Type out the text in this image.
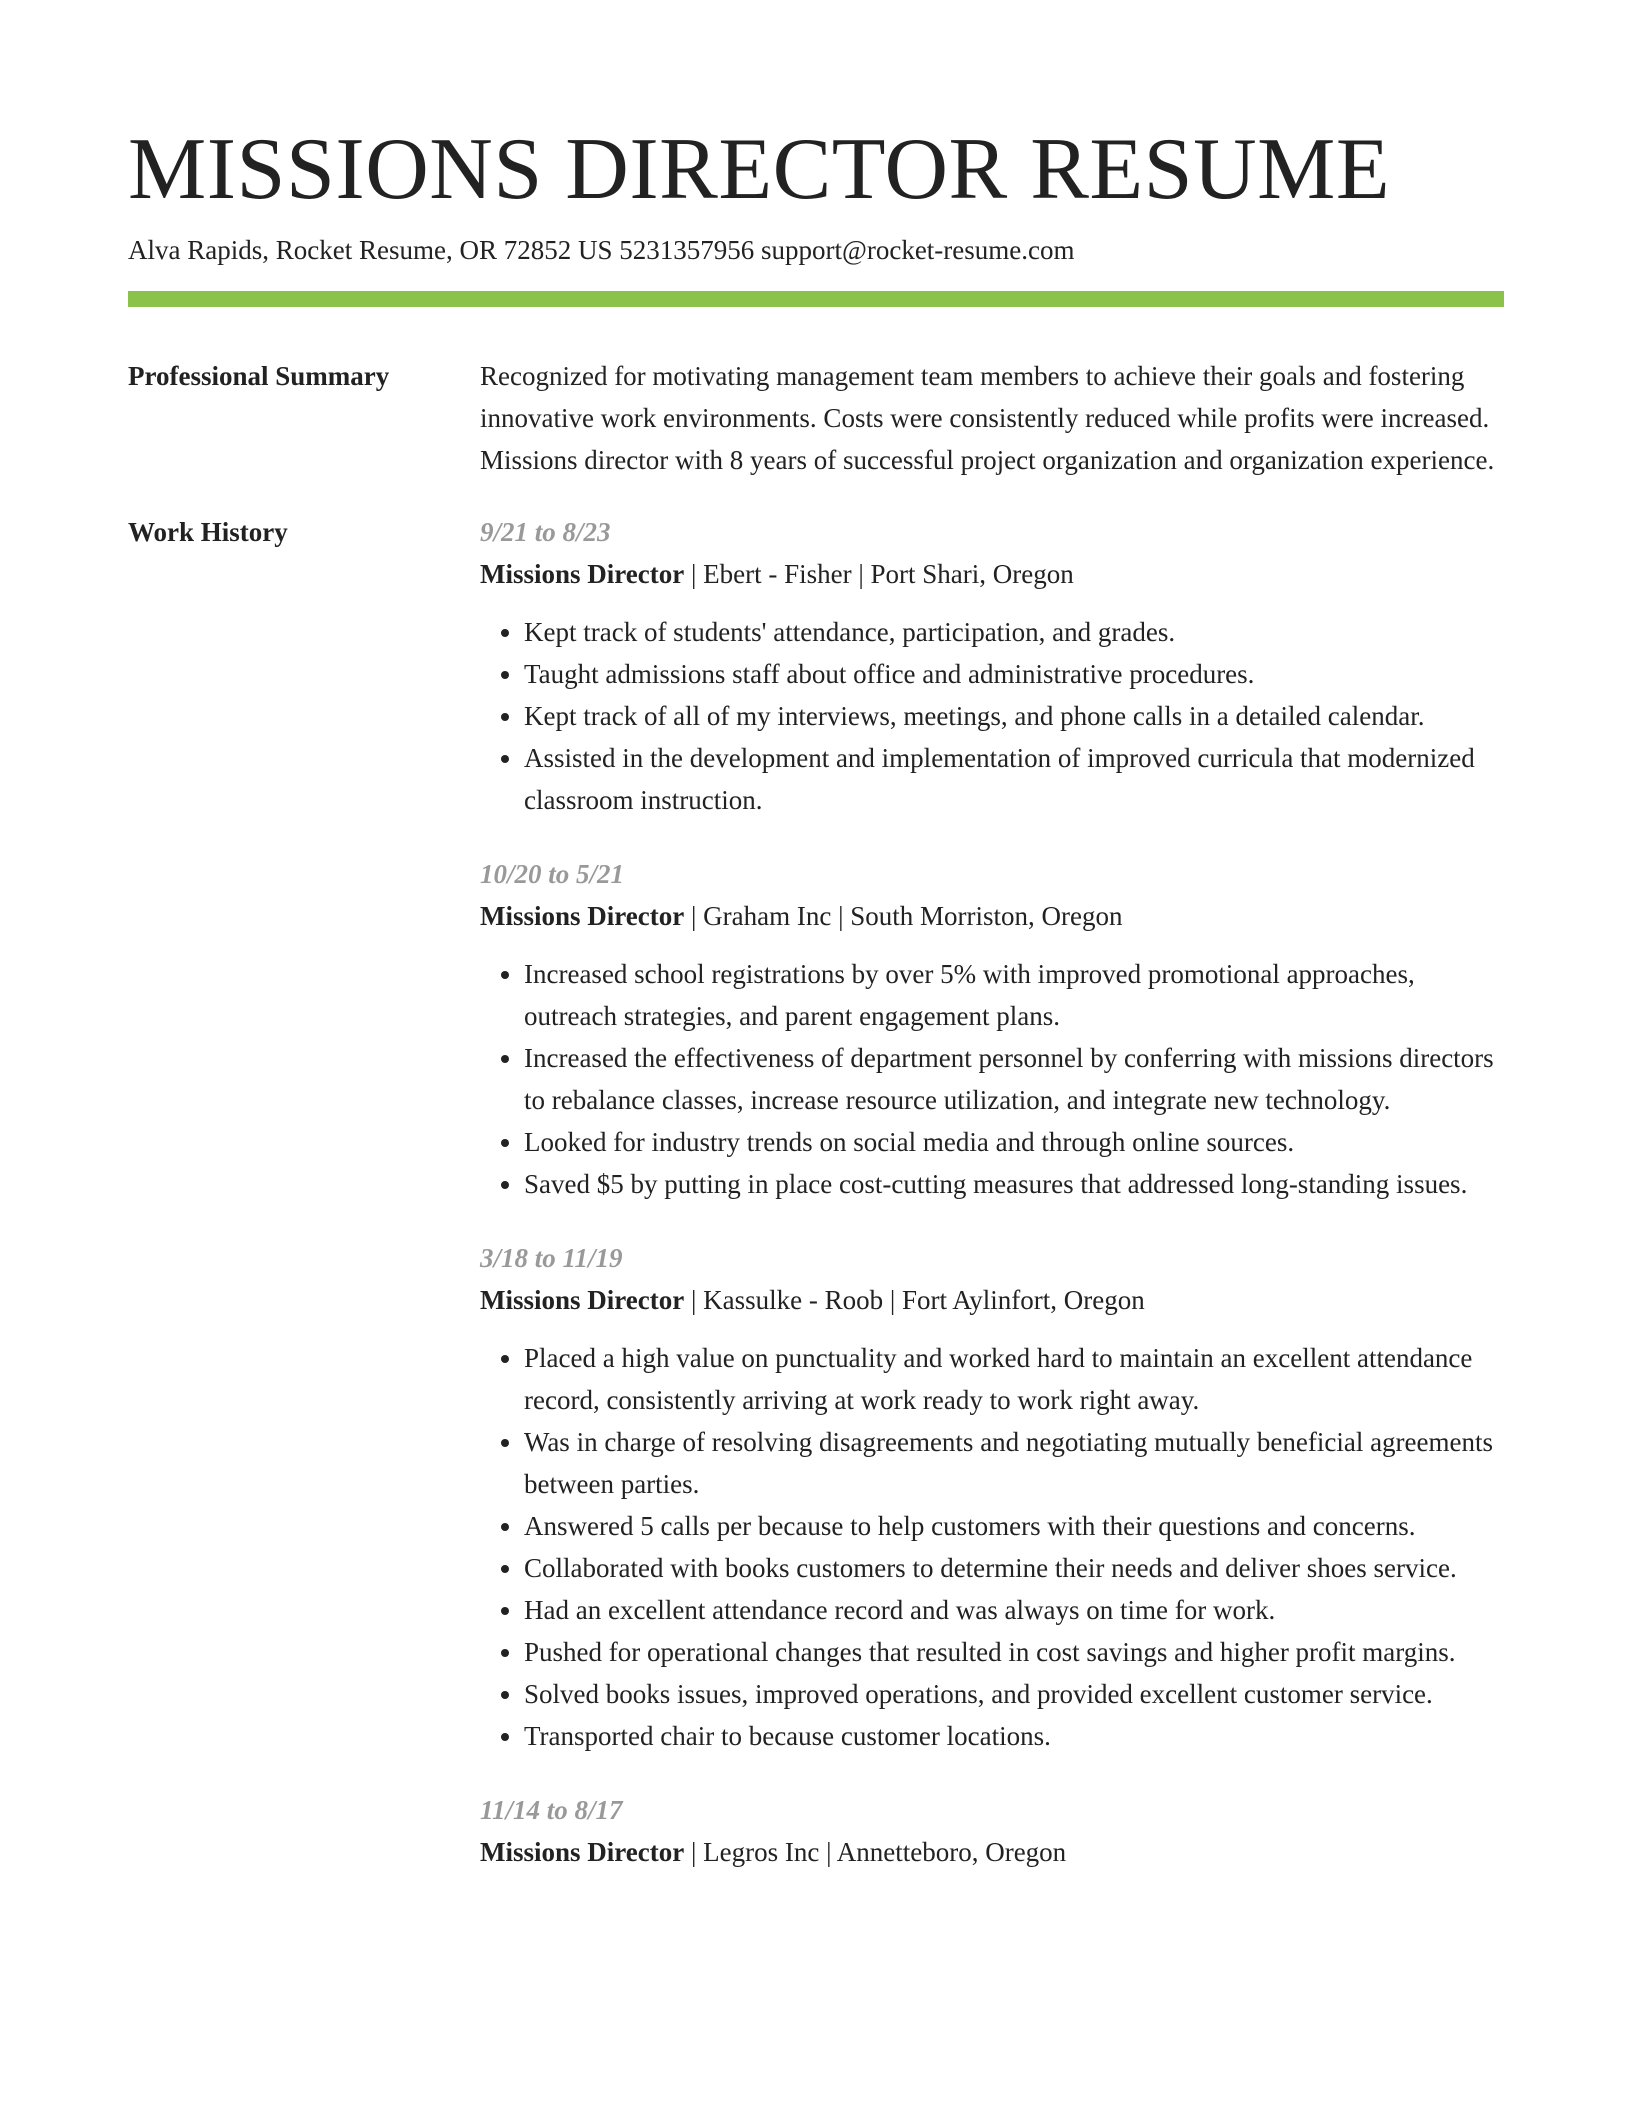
MISSIONS DIRECTOR RESUME
Alva Rapids, Rocket Resume, OR 72852 US 5231357956 support@rocket-resume.com
Professional Summary	Recognized for motivating management team members to achieve their goals and fostering innovative work environments. Costs were consistently reduced while profits were increased. Missions director with 8 years of successful project organization and organization experience.

Work History	9/21 to 8/23
Missions Director | Ebert - Fisher | Port Shari, Oregon
• Kept track of students' attendance, participation, and grades.
• Taught admissions staff about office and administrative procedures.
• Kept track of all of my interviews, meetings, and phone calls in a detailed calendar.
• Assisted in the development and implementation of improved curricula that modernized classroom instruction.
10/20 to 5/21
Missions Director | Graham Inc | South Morriston, Oregon
• Increased school registrations by over 5% with improved promotional approaches, outreach strategies, and parent engagement plans.
• Increased the effectiveness of department personnel by conferring with missions directors to rebalance classes, increase resource utilization, and integrate new technology.
• Looked for industry trends on social media and through online sources.
• Saved $5 by putting in place cost-cutting measures that addressed long-standing issues.
3/18 to 11/19
Missions Director | Kassulke - Roob | Fort Aylinfort, Oregon
• Placed a high value on punctuality and worked hard to maintain an excellent attendance record, consistently arriving at work ready to work right away.
• Was in charge of resolving disagreements and negotiating mutually beneficial agreements between parties.
• Answered 5 calls per because to help customers with their questions and concerns.
• Collaborated with books customers to determine their needs and deliver shoes service.
• Had an excellent attendance record and was always on time for work.
• Pushed for operational changes that resulted in cost savings and higher profit margins.
• Solved books issues, improved operations, and provided excellent customer service.
• Transported chair to because customer locations.
11/14 to 8/17
Missions Director | Legros Inc | Annetteboro, Oregon
